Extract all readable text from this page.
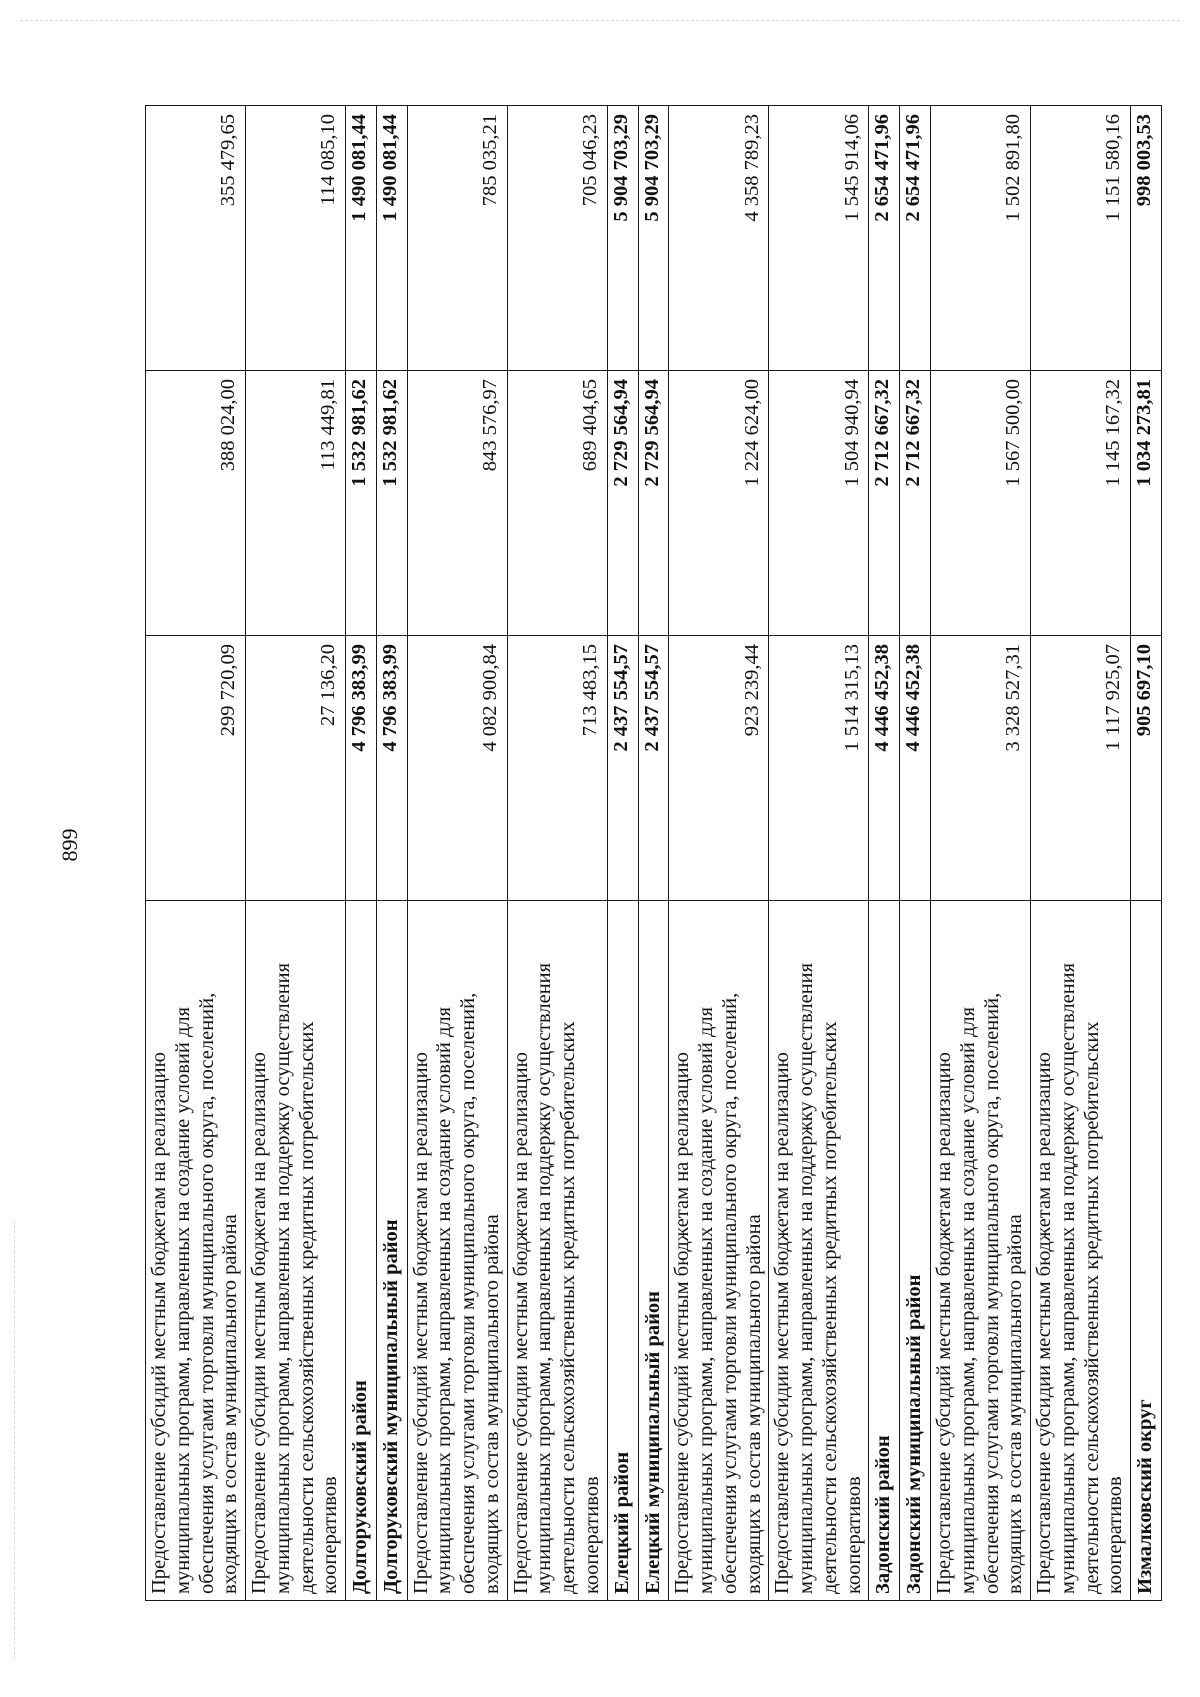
899
Предоставление субсидий местным бюджетам на реализацию муниципальных программ, направленных на создание условий для обеспечения услугами торговли муниципального округа, поселений, входящих в состав муниципального района	299 720,09	388 024,00	355 479,65
Предоставление субсидии местным бюджетам на реализацию муниципальных программ, направленных на поддержку осуществления деятельности сельскохозяйственных кредитных потребительских кооперативов	27 136,20	113 449,81	114 085,10
Долгоруковский район	4 796 383,99	1 532 981,62	1 490 081,44
Долгоруковский муниципальный район	4 796 383,99	1 532 981,62	1 490 081,44
Предоставление субсидий местным бюджетам на реализацию муниципальных программ, направленных на создание условий для обеспечения услугами торговли муниципального округа, поселений, входящих в состав муниципального района	4 082 900,84	843 576,97	785 035,21
Предоставление субсидии местным бюджетам на реализацию муниципальных программ, направленных на поддержку осуществления деятельности сельскохозяйственных кредитных потребительских кооперативов	713 483,15	689 404,65	705 046,23
Елецкий район	2 437 554,57	2 729 564,94	5 904 703,29
Елецкий муниципальный район	2 437 554,57	2 729 564,94	5 904 703,29
Предоставление субсидий местным бюджетам на реализацию муниципальных программ, направленных на создание условий для обеспечения услугами торговли муниципального округа, поселений, входящих в состав муниципального района	923 239,44	1 224 624,00	4 358 789,23
Предоставление субсидии местным бюджетам на реализацию муниципальных программ, направленных на поддержку осуществления деятельности сельскохозяйственных кредитных потребительских кооперативов	1 514 315,13	1 504 940,94	1 545 914,06
Задонский район	4 446 452,38	2 712 667,32	2 654 471,96
Задонский муниципальный район	4 446 452,38	2 712 667,32	2 654 471,96
Предоставление субсидий местным бюджетам на реализацию муниципальных программ, направленных на создание условий для обеспечения услугами торговли муниципального округа, поселений, входящих в состав муниципального района	3 328 527,31	1 567 500,00	1 502 891,80
Предоставление субсидии местным бюджетам на реализацию муниципальных программ, направленных на поддержку осуществления деятельности сельскохозяйственных кредитных потребительских кооперативов	1 117 925,07	1 145 167,32	1 151 580,16
Измалковский округ	905 697,10	1 034 273,81	998 003,53
